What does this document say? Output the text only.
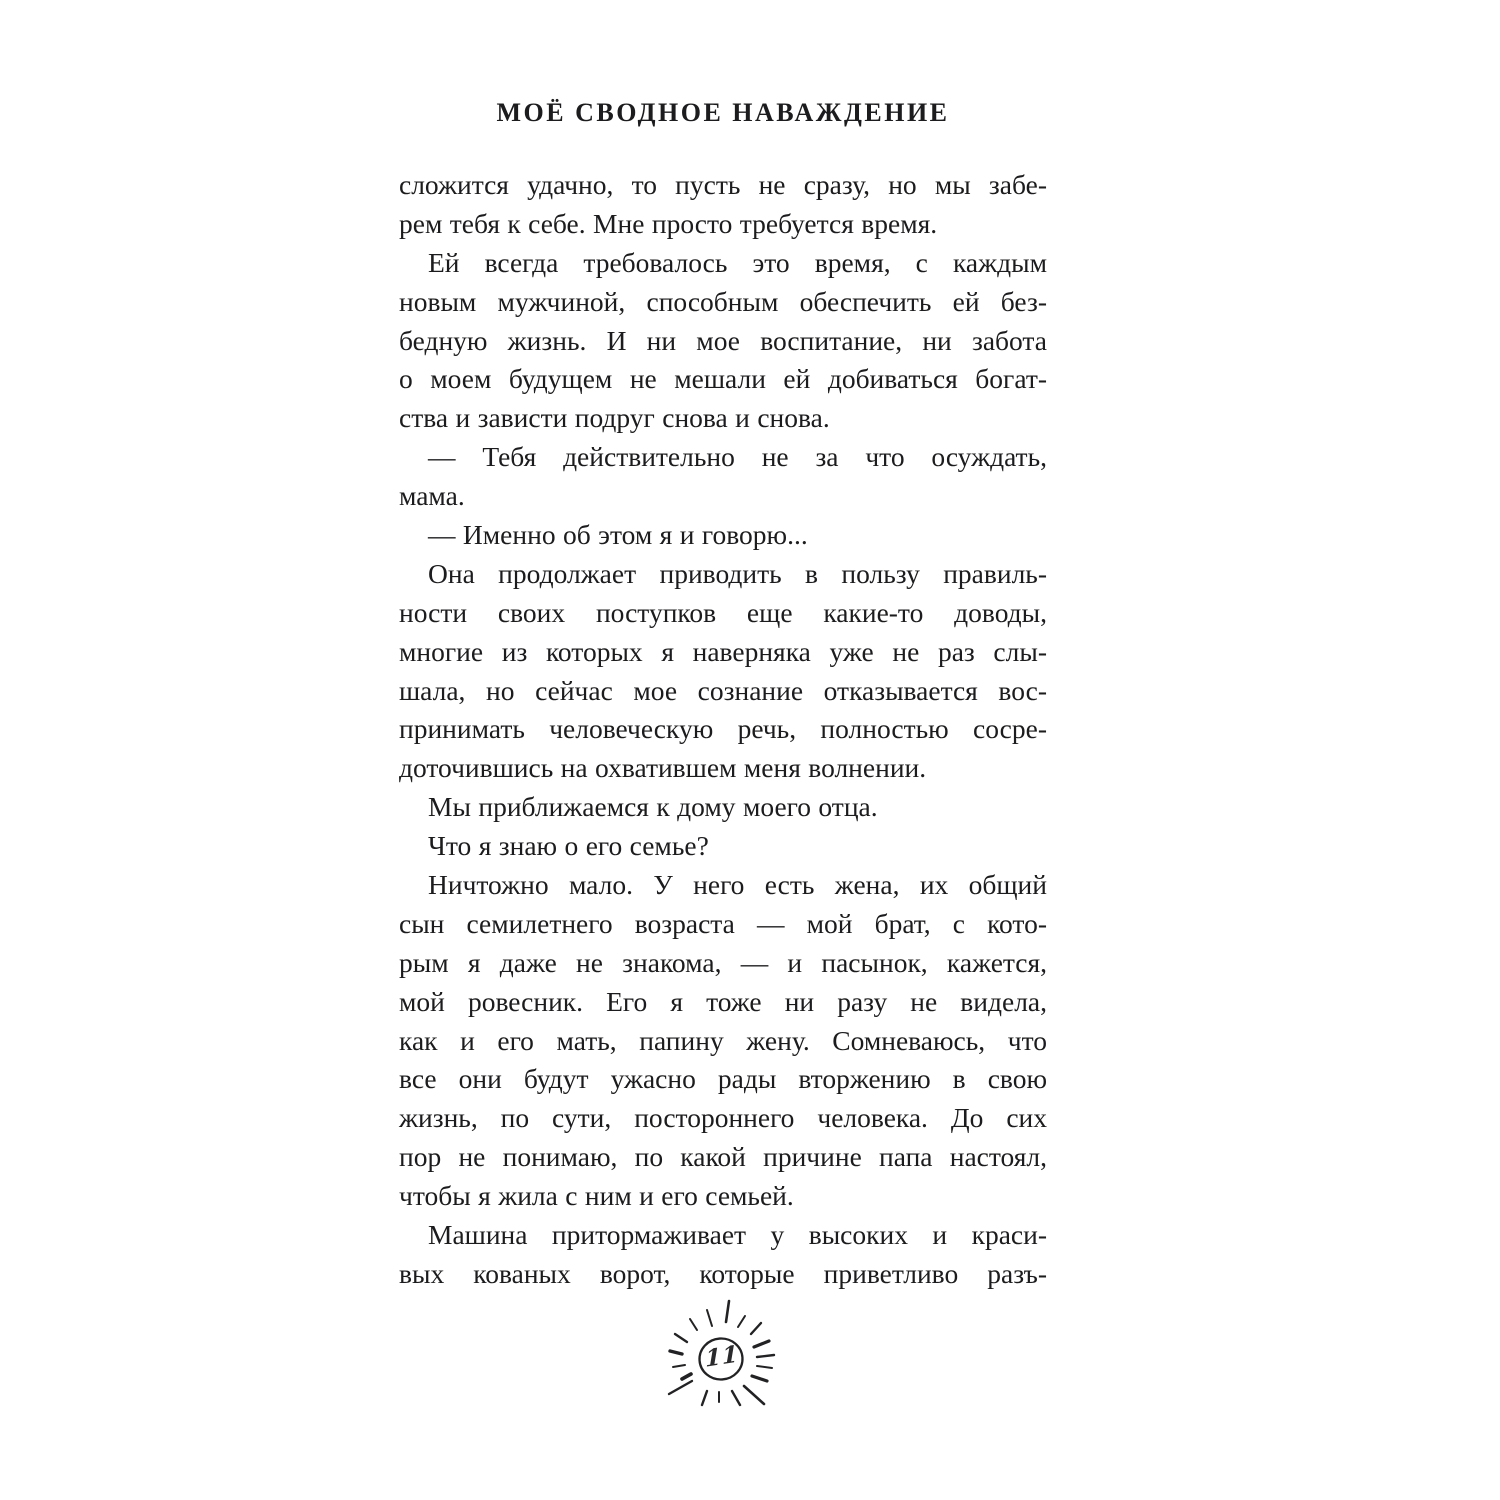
МОЁ СВОДНОЕ НАВАЖДЕНИЕ
сложится удачно, то пусть не сразу, но мы забе-
рем тебя к себе. Мне просто требуется время.
Ей всегда требовалось это время, с каждым
новым мужчиной, способным обеспечить ей без-
бедную жизнь. И ни мое воспитание, ни забота
о моем будущем не мешали ей добиваться богат-
ства и зависти подруг снова и снова.
— Тебя действительно не за что осуждать,
мама.
— Именно об этом я и говорю...
Она продолжает приводить в пользу правиль-
ности своих поступков еще какие-то доводы,
многие из которых я наверняка уже не раз слы-
шала, но сейчас мое сознание отказывается вос-
принимать человеческую речь, полностью сосре-
доточившись на охватившем меня волнении.
Мы приближаемся к дому моего отца.
Что я знаю о его семье?
Ничтожно мало. У него есть жена, их общий
сын семилетнего возраста — мой брат, с кото-
рым я даже не знакома, — и пасынок, кажется,
мой ровесник. Его я тоже ни разу не видела,
как и его мать, папину жену. Сомневаюсь, что
все они будут ужасно рады вторжению в свою
жизнь, по сути, постороннего человека. До сих
пор не понимаю, по какой причине папа настоял,
чтобы я жила с ним и его семьей.
Машина притормаживает у высоких и краси-
вых кованых ворот, которые приветливо разъ-
11
